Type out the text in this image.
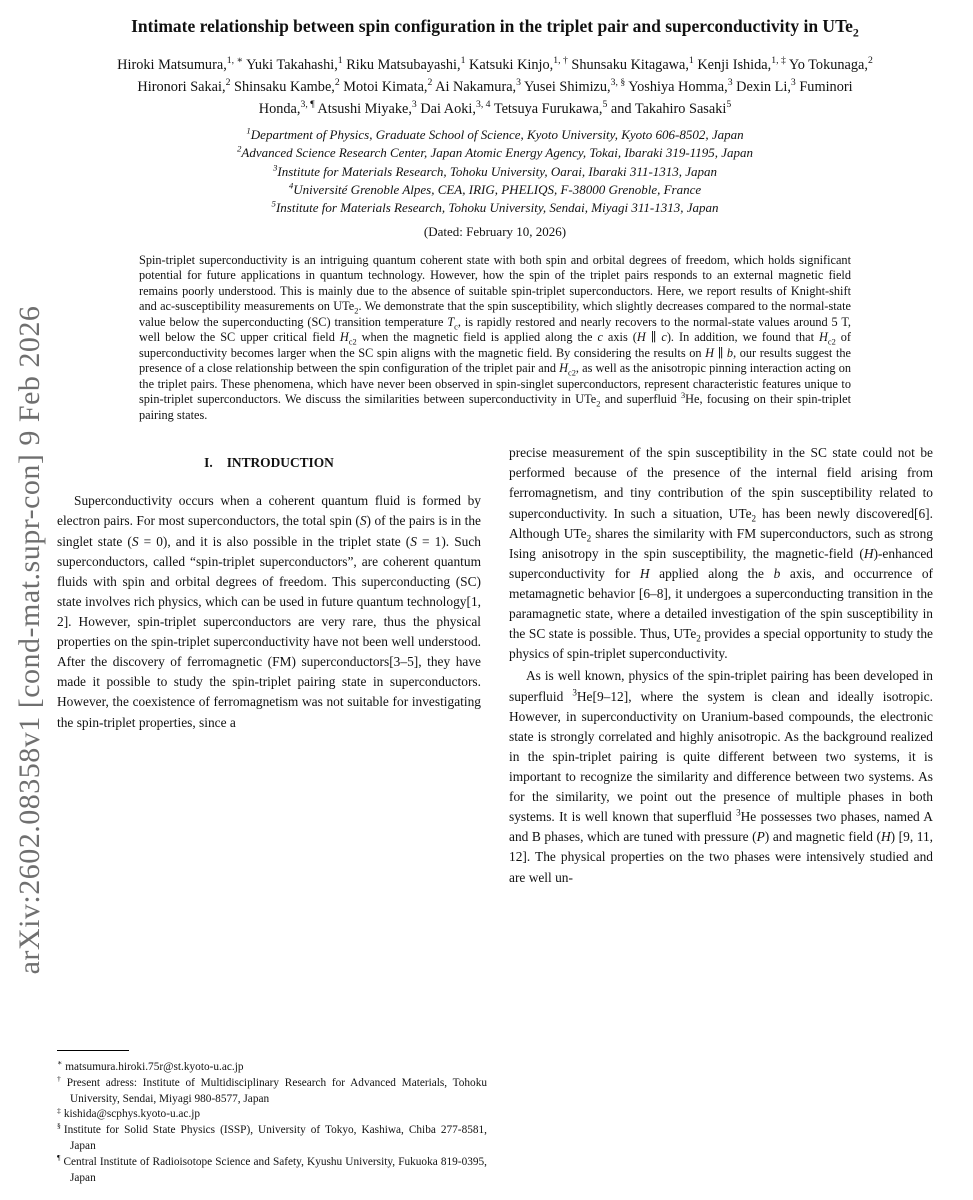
arXiv:2602.08358v1 [cond-mat.supr-con] 9 Feb 2026
Intimate relationship between spin configuration in the triplet pair and superconductivity in UTe$_2$
Hiroki Matsumura,$^{1, ∗}$ Yuki Takahashi,$^1$ Riku Matsubayashi,$^1$ Katsuki Kinjo,$^{1, \dagger}$ Shunsaku Kitagawa,$^1$ Kenji Ishida,$^{1, \ddagger}$ Yo Tokunaga,$^2$ Hironori Sakai,$^2$ Shinsaku Kambe,$^2$ Motoi Kimata,$^2$ Ai Nakamura,$^3$ Yusei Shimizu,$^{3, \S}$ Yoshiya Homma,$^3$ Dexin Li,$^3$ Fuminori Honda,$^{3, \P}$ Atsushi Miyake,$^3$ Dai Aoki,$^{3, 4}$ Tetsuya Furukawa,$^5$ and Takahiro Sasaki$^5$
$^1$Department of Physics, Graduate School of Science, Kyoto University, Kyoto 606-8502, Japan
$^2$Advanced Science Research Center, Japan Atomic Energy Agency, Tokai, Ibaraki 319-1195, Japan
$^3$Institute for Materials Research, Tohoku University, Oarai, Ibaraki 311-1313, Japan
$^4$Université Grenoble Alpes, CEA, IRIG, PHELIQS, F-38000 Grenoble, France
$^5$Institute for Materials Research, Tohoku University, Sendai, Miyagi 311-1313, Japan
(Dated: February 10, 2026)
Spin-triplet superconductivity is an intriguing quantum coherent state with both spin and orbital degrees of freedom, which holds significant potential for future applications in quantum technology. However, how the spin of the triplet pairs responds to an external magnetic field remains poorly understood. This is mainly due to the absence of suitable spin-triplet superconductors. Here, we report results of Knight-shift and ac-susceptibility measurements on UTe$_2$. We demonstrate that the spin susceptibility, which slightly decreases compared to the normal-state value below the superconducting (SC) transition temperature $T_c$, is rapidly restored and nearly recovers to the normal-state values around 5 T, well below the SC upper critical field $H_{c2}$ when the magnetic field is applied along the c axis (H ∥ c). In addition, we found that $H_{c2}$ of superconductivity becomes larger when the SC spin aligns with the magnetic field. By considering the results on H ∥ b, our results suggest the presence of a close relationship between the spin configuration of the triplet pair and $H_{c2}$, as well as the anisotropic pinning interaction acting on the triplet pairs. These phenomena, which have never been observed in spin-singlet superconductors, represent characteristic features unique to spin-triplet superconductors. We discuss the similarities between superconductivity in UTe$_2$ and superfluid $^3$He, focusing on their spin-triplet pairing states.
I. INTRODUCTION

Superconductivity occurs when a coherent quantum fluid is formed by electron pairs. For most superconductors, the total spin (S) of the pairs is in the singlet state (S = 0), and it is also possible in the triplet state (S = 1). Such superconductors, called “spin-triplet superconductors”, are coherent quantum fluids with spin and orbital degrees of freedom. This superconducting (SC) state involves rich physics, which can be used in future quantum technology[1, 2]. However, spin-triplet superconductors are very rare, thus the physical properties on the spin-triplet superconductivity have not been well understood. After the discovery of ferromagnetic (FM) superconductors[3–5], they have made it possible to study the spin-triplet pairing state in superconductors. However, the coexistence of ferromagnetism was not suitable for investigating the spin-triplet properties, since a

precise measurement of the spin susceptibility in the SC state could not be performed because of the presence of the internal field arising from ferromagnetism, and tiny contribution of the spin susceptibility related to superconductivity. In such a situation, UTe$_2$ has been newly discovered[6]. Although UTe$_2$ shares the similarity with FM superconductors, such as strong Ising anisotropy in the spin susceptibility, the magnetic-field (H)-enhanced superconductivity for H applied along the b axis, and occurrence of metamagnetic behavior [6–8], it undergoes a superconducting transition in the paramagnetic state, where a detailed investigation of the spin susceptibility in the SC state is possible. Thus, UTe$_2$ provides a special opportunity to study the physics of spin-triplet superconductivity.

As is well known, physics of the spin-triplet pairing has been developed in superfluid $^3$He[9–12], where the system is clean and ideally isotropic. However, in superconductivity on Uranium-based compounds, the electronic state is strongly correlated and highly anisotropic. As the background realized in the spin-triplet pairing is quite different between two systems, it is important to recognize the similarity and difference between two systems. As for the similarity, we point out the presence of multiple phases in both systems. It is well known that superfluid $^3$He possesses two phases, named A and B phases, which are tuned with pressure (P) and magnetic field (H) [9, 11, 12]. The physical properties on the two phases were intensively studied and are well un-

∗ matsumura.hiroki.75r@st.kyoto-u.ac.jp
† Present adress: Institute of Multidisciplinary Research for Advanced Materials, Tohoku University, Sendai, Miyagi 980-8577, Japan
‡ kishida@scphys.kyoto-u.ac.jp
§ Institute for Solid State Physics (ISSP), University of Tokyo, Kashiwa, Chiba 277-8581, Japan
¶ Central Institute of Radioisotope Science and Safety, Kyushu University, Fukuoka 819-0395, Japan
